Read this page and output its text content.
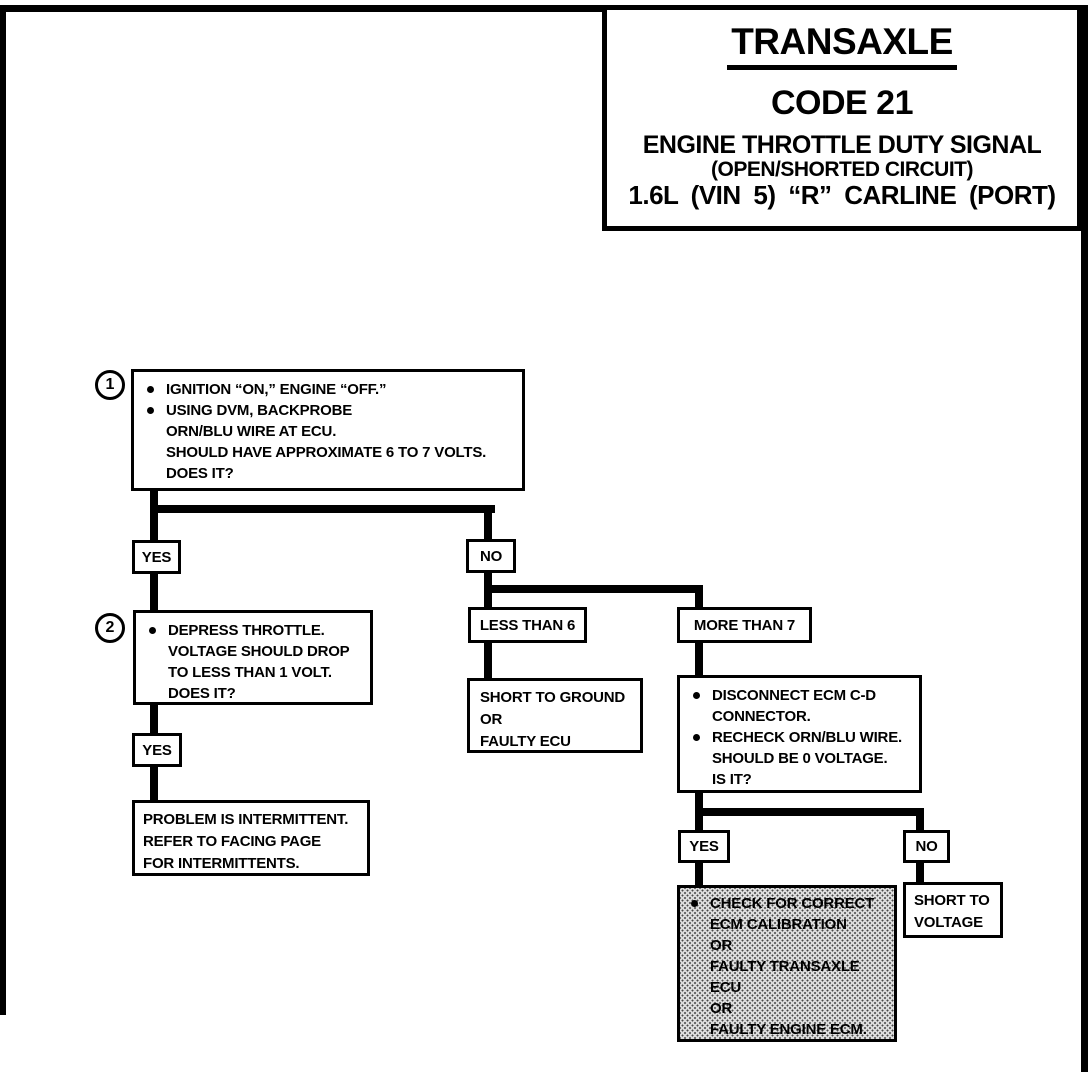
TRANSAXLE
CODE 21
ENGINE THROTTLE DUTY SIGNAL
(OPEN/SHORTED CIRCUIT)
1.6L (VIN 5) “R” CARLINE (PORT)
1
2
IGNITION “ON,” ENGINE “OFF.”
USING DVM, BACKPROBE
ORN/BLU WIRE AT ECU.
SHOULD HAVE APPROXIMATE 6 TO 7 VOLTS.
DOES IT?
YES	NO
DEPRESS THROTTLE.
VOLTAGE SHOULD DROP
TO LESS THAN 1 VOLT.
DOES IT?
YES
PROBLEM IS INTERMITTENT.
REFER TO FACING PAGE
FOR INTERMITTENTS.
LESS THAN 6	MORE THAN 7
SHORT TO GROUND
OR
FAULTY ECU
DISCONNECT ECM C-D
CONNECTOR.
RECHECK ORN/BLU WIRE.
SHOULD BE 0 VOLTAGE.
IS IT?
YES	NO
CHECK FOR CORRECT
ECM CALIBRATION
OR
FAULTY TRANSAXLE
ECU
OR
FAULTY ENGINE ECM.
SHORT TO
VOLTAGE
